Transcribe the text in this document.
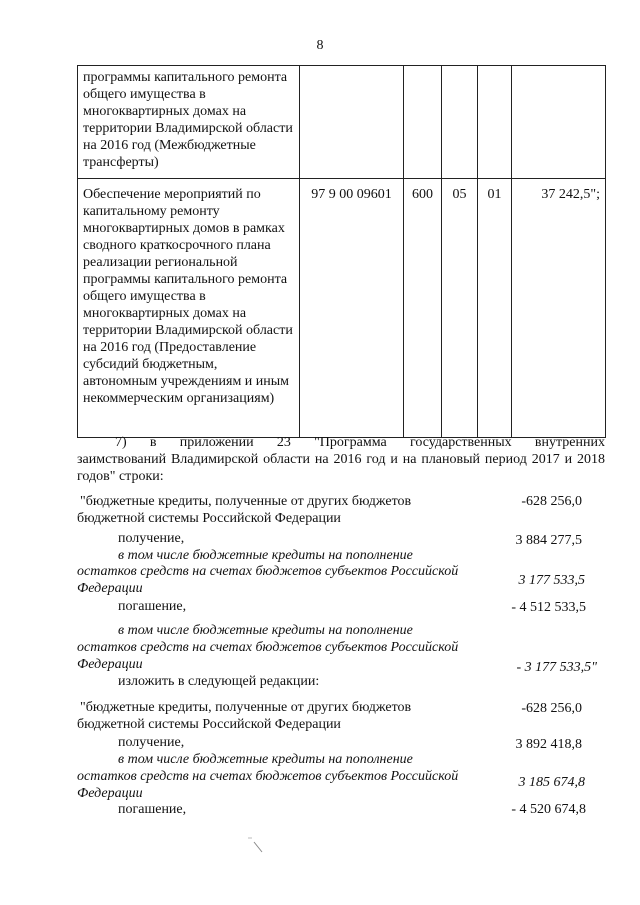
8
программы капитального ремонта общего имущества в многоквартирных домах на территории Владимирской области на 2016 год (Межбюджетные трансферты)					
Обеспечение мероприятий по капитальному ремонту многоквартирных домов в рамках сводного краткосрочного плана реализации региональной программы капитального ремонта общего имущества в многоквартирных домах на территории Владимирской области на 2016 год (Предоставление субсидий бюджетным, автономным учреждениям и иным некоммерческим организациям)	97 9 00 09601	600	05	01	37 242,5";
7) в приложении 23 "Программа государственных внутренних
заимствований Владимирской области на 2016 год и на плановый период 2017 и 2018 годов" строки:
"бюджетные кредиты, полученные от других бюджетов
бюджетной системы Российской Федерации
-628 256,0
получение,	3 884 277,5
в том числе бюджетные кредиты на пополнение
остатков средств на счетах бюджетов субъектов Российской
Федерации
3 177 533,5
погашение,	- 4 512 533,5
в том числе бюджетные кредиты на пополнение
остатков средств на счетах бюджетов субъектов Российской
Федерации	- 3 177 533,5"
изложить в следующей редакции:
"бюджетные кредиты, полученные от других бюджетов
бюджетной системы Российской Федерации
-628 256,0
получение,	3 892 418,8
в том числе бюджетные кредиты на пополнение
остатков средств на счетах бюджетов субъектов Российской
Федерации
3 185 674,8
погашение,	- 4 520 674,8
